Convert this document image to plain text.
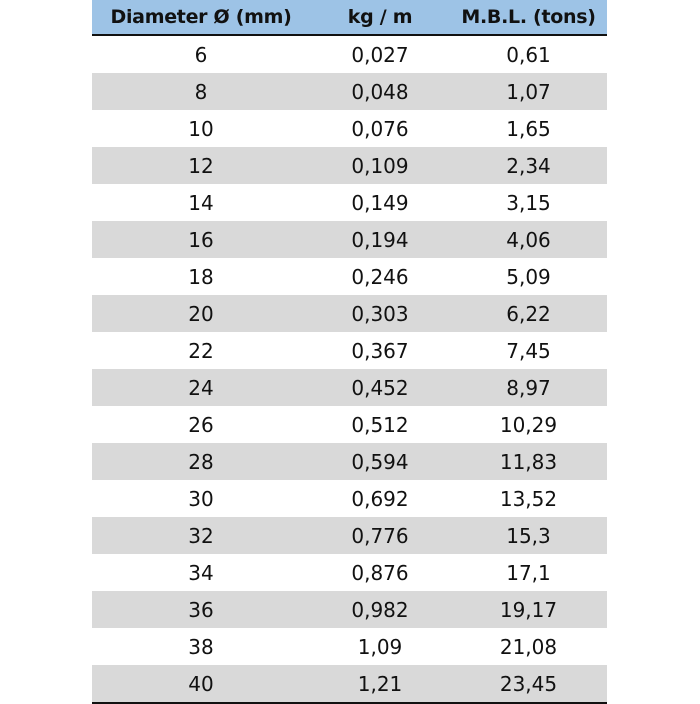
Diameter Ø (mm)	kg / m	M.B.L. (tons)
6	0,027	0,61
8	0,048	1,07
10	0,076	1,65
12	0,109	2,34
14	0,149	3,15
16	0,194	4,06
18	0,246	5,09
20	0,303	6,22
22	0,367	7,45
24	0,452	8,97
26	0,512	10,29
28	0,594	11,83
30	0,692	13,52
32	0,776	15,3
34	0,876	17,1
36	0,982	19,17
38	1,09	21,08
40	1,21	23,45
